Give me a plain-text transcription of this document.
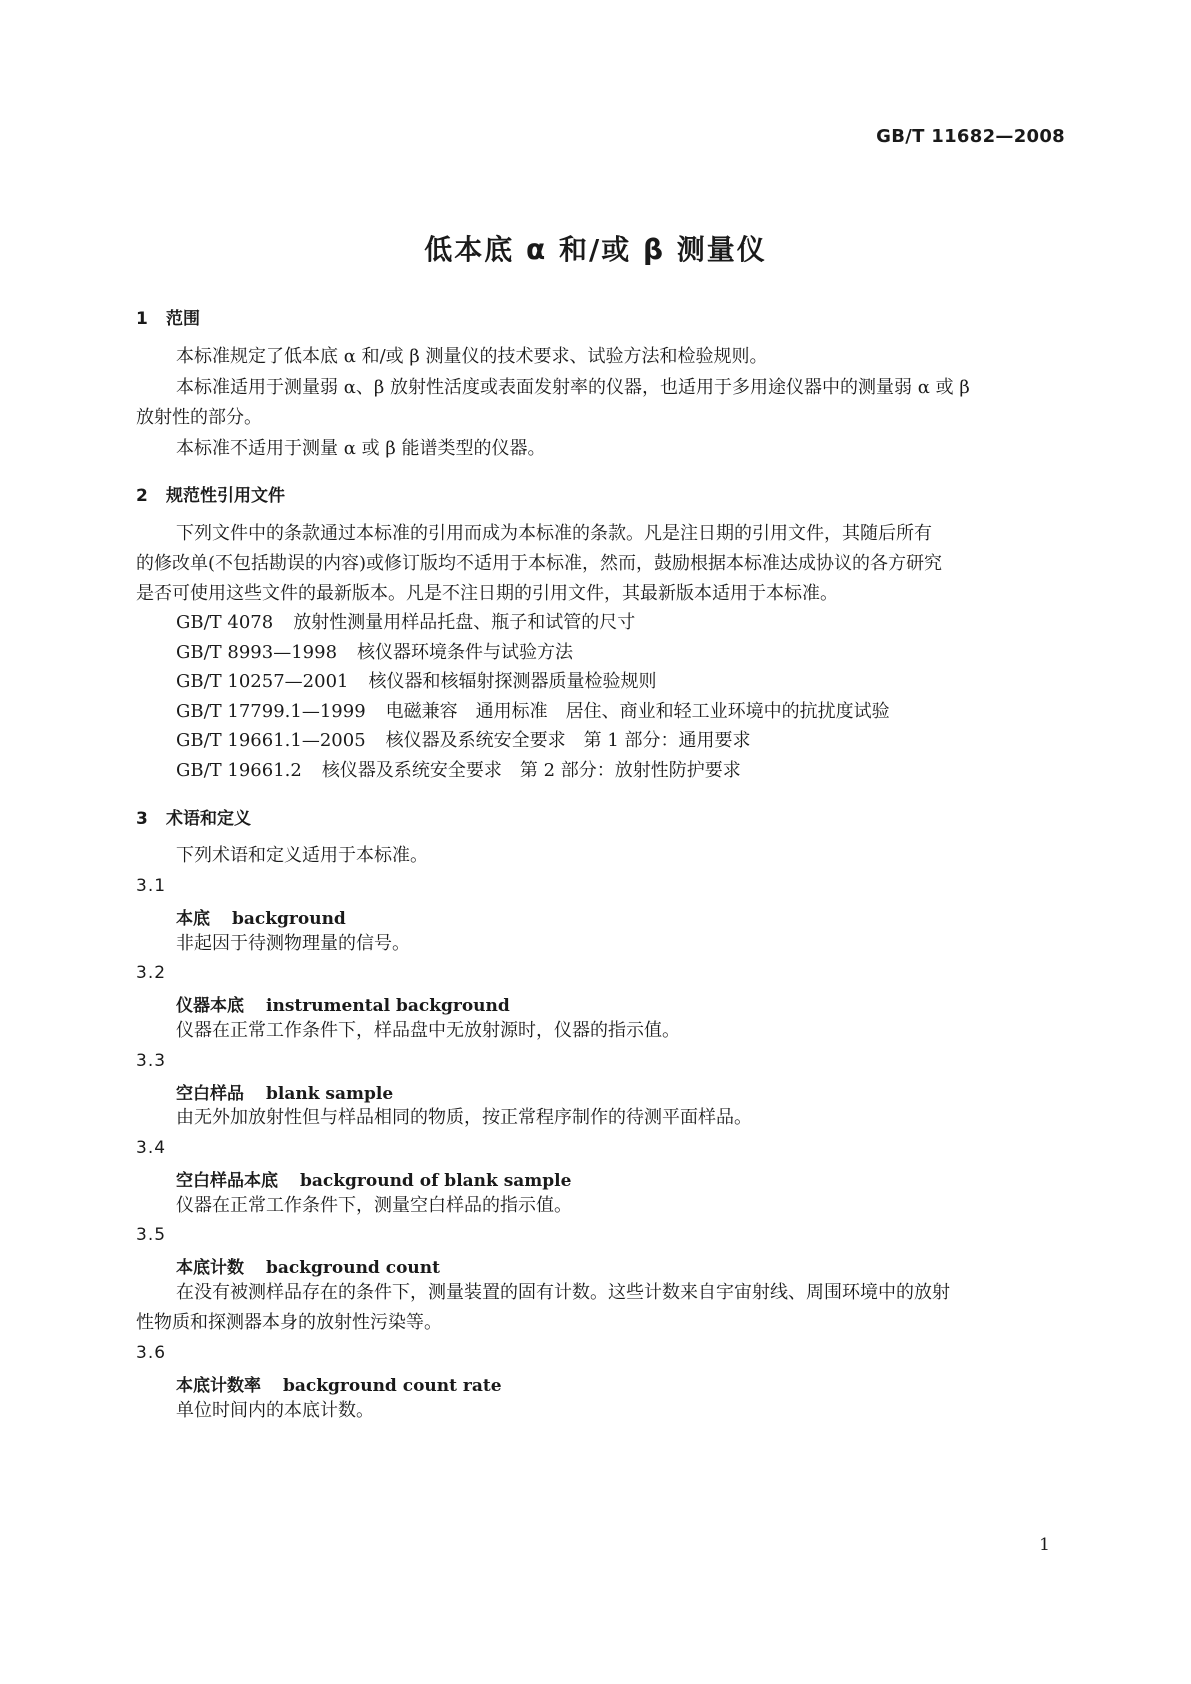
GB/T 11682—2008
低本底 α 和/或 β 测量仪
1 范围
本标准规定了低本底 α 和/或 β 测量仪的技术要求、试验方法和检验规则。
本标准适用于测量弱 α、β 放射性活度或表面发射率的仪器，也适用于多用途仪器中的测量弱 α 或 β
放射性的部分。
本标准不适用于测量 α 或 β 能谱类型的仪器。
2 规范性引用文件
下列文件中的条款通过本标准的引用而成为本标准的条款。凡是注日期的引用文件，其随后所有
的修改单(不包括勘误的内容)或修订版均不适用于本标准，然而，鼓励根据本标准达成协议的各方研究
是否可使用这些文件的最新版本。凡是不注日期的引用文件，其最新版本适用于本标准。
GB/T 4078 放射性测量用样品托盘、瓶子和试管的尺寸
GB/T 8993—1998 核仪器环境条件与试验方法
GB/T 10257—2001 核仪器和核辐射探测器质量检验规则
GB/T 17799.1—1999 电磁兼容　通用标准　居住、商业和轻工业环境中的抗扰度试验
GB/T 19661.1—2005 核仪器及系统安全要求　第 1 部分：通用要求
GB/T 19661.2 核仪器及系统安全要求　第 2 部分：放射性防护要求
3 术语和定义
下列术语和定义适用于本标准。
3.1
本底 background
非起因于待测物理量的信号。
3.2
仪器本底 instrumental background
仪器在正常工作条件下，样品盘中无放射源时，仪器的指示值。
3.3
空白样品 blank sample
由无外加放射性但与样品相同的物质，按正常程序制作的待测平面样品。
3.4
空白样品本底 background of blank sample
仪器在正常工作条件下，测量空白样品的指示值。
3.5
本底计数 background count
在没有被测样品存在的条件下，测量装置的固有计数。这些计数来自宇宙射线、周围环境中的放射
性物质和探测器本身的放射性污染等。
3.6
本底计数率 background count rate
单位时间内的本底计数。
1
